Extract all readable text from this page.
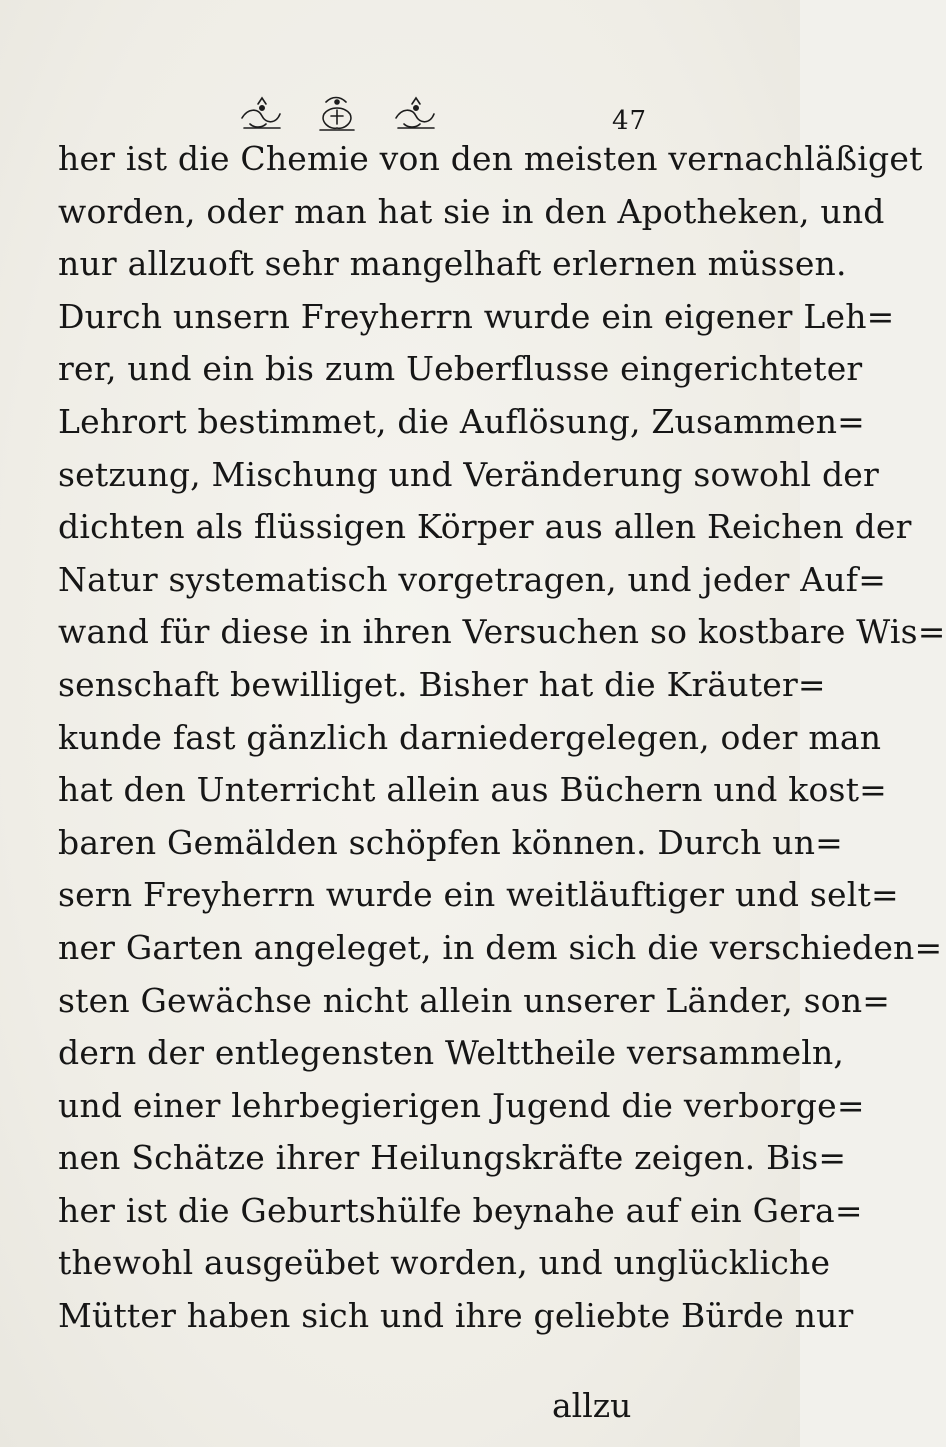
47
her ist die Chemie von den meisten vernachläßiget
worden, oder man hat sie in den Apotheken, und
nur allzuoft sehr mangelhaft erlernen müssen.
Durch unsern Freyherrn wurde ein eigener Leh=
rer, und ein bis zum Ueberflusse eingerichteter
Lehrort bestimmet, die Auflösung, Zusammen=
setzung, Mischung und Veränderung sowohl der
dichten als flüssigen Körper aus allen Reichen der
Natur systematisch vorgetragen, und jeder Auf=
wand für diese in ihren Versuchen so kostbare Wis=
senschaft bewilliget. Bisher hat die Kräuter=
kunde fast gänzlich darniedergelegen, oder man
hat den Unterricht allein aus Büchern und kost=
baren Gemälden schöpfen können. Durch un=
sern Freyherrn wurde ein weitläuftiger und selt=
ner Garten angeleget, in dem sich die verschieden=
sten Gewächse nicht allein unserer Länder, son=
dern der entlegensten Welttheile versammeln,
und einer lehrbegierigen Jugend die verborge=
nen Schätze ihrer Heilungskräfte zeigen. Bis=
her ist die Geburtshülfe beynahe auf ein Gera=
thewohl ausgeübet worden, und unglückliche
Mütter haben sich und ihre geliebte Bürde nur
allzu
